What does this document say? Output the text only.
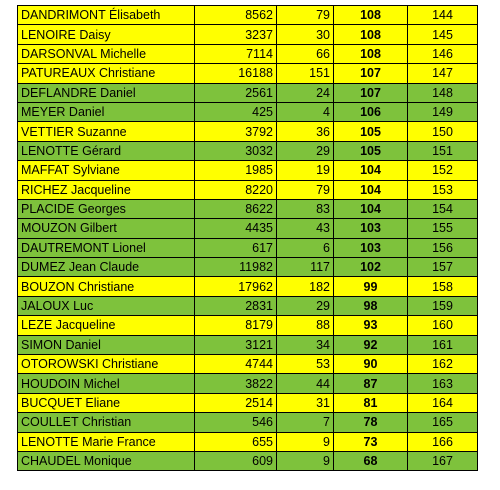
DANDRIMONT Élisabeth	8562	79	108	144
LENOIRE Daisy	3237	30	108	145
DARSONVAL Michelle	7114	66	108	146
PATUREAUX Christiane	16188	151	107	147
DEFLANDRE Daniel	2561	24	107	148
MEYER Daniel	425	4	106	149
VETTIER Suzanne	3792	36	105	150
LENOTTE Gérard	3032	29	105	151
MAFFAT Sylviane	1985	19	104	152
RICHEZ Jacqueline	8220	79	104	153
PLACIDE Georges	8622	83	104	154
MOUZON Gilbert	4435	43	103	155
DAUTREMONT Lionel	617	6	103	156
DUMEZ Jean Claude	11982	117	102	157
BOUZON Christiane	17962	182	99	158
JALOUX Luc	2831	29	98	159
LEZE Jacqueline	8179	88	93	160
SIMON Daniel	3121	34	92	161
OTOROWSKI Christiane	4744	53	90	162
HOUDOIN Michel	3822	44	87	163
BUCQUET Eliane	2514	31	81	164
COULLET Christian	546	7	78	165
LENOTTE Marie France	655	9	73	166
CHAUDEL Monique	609	9	68	167
